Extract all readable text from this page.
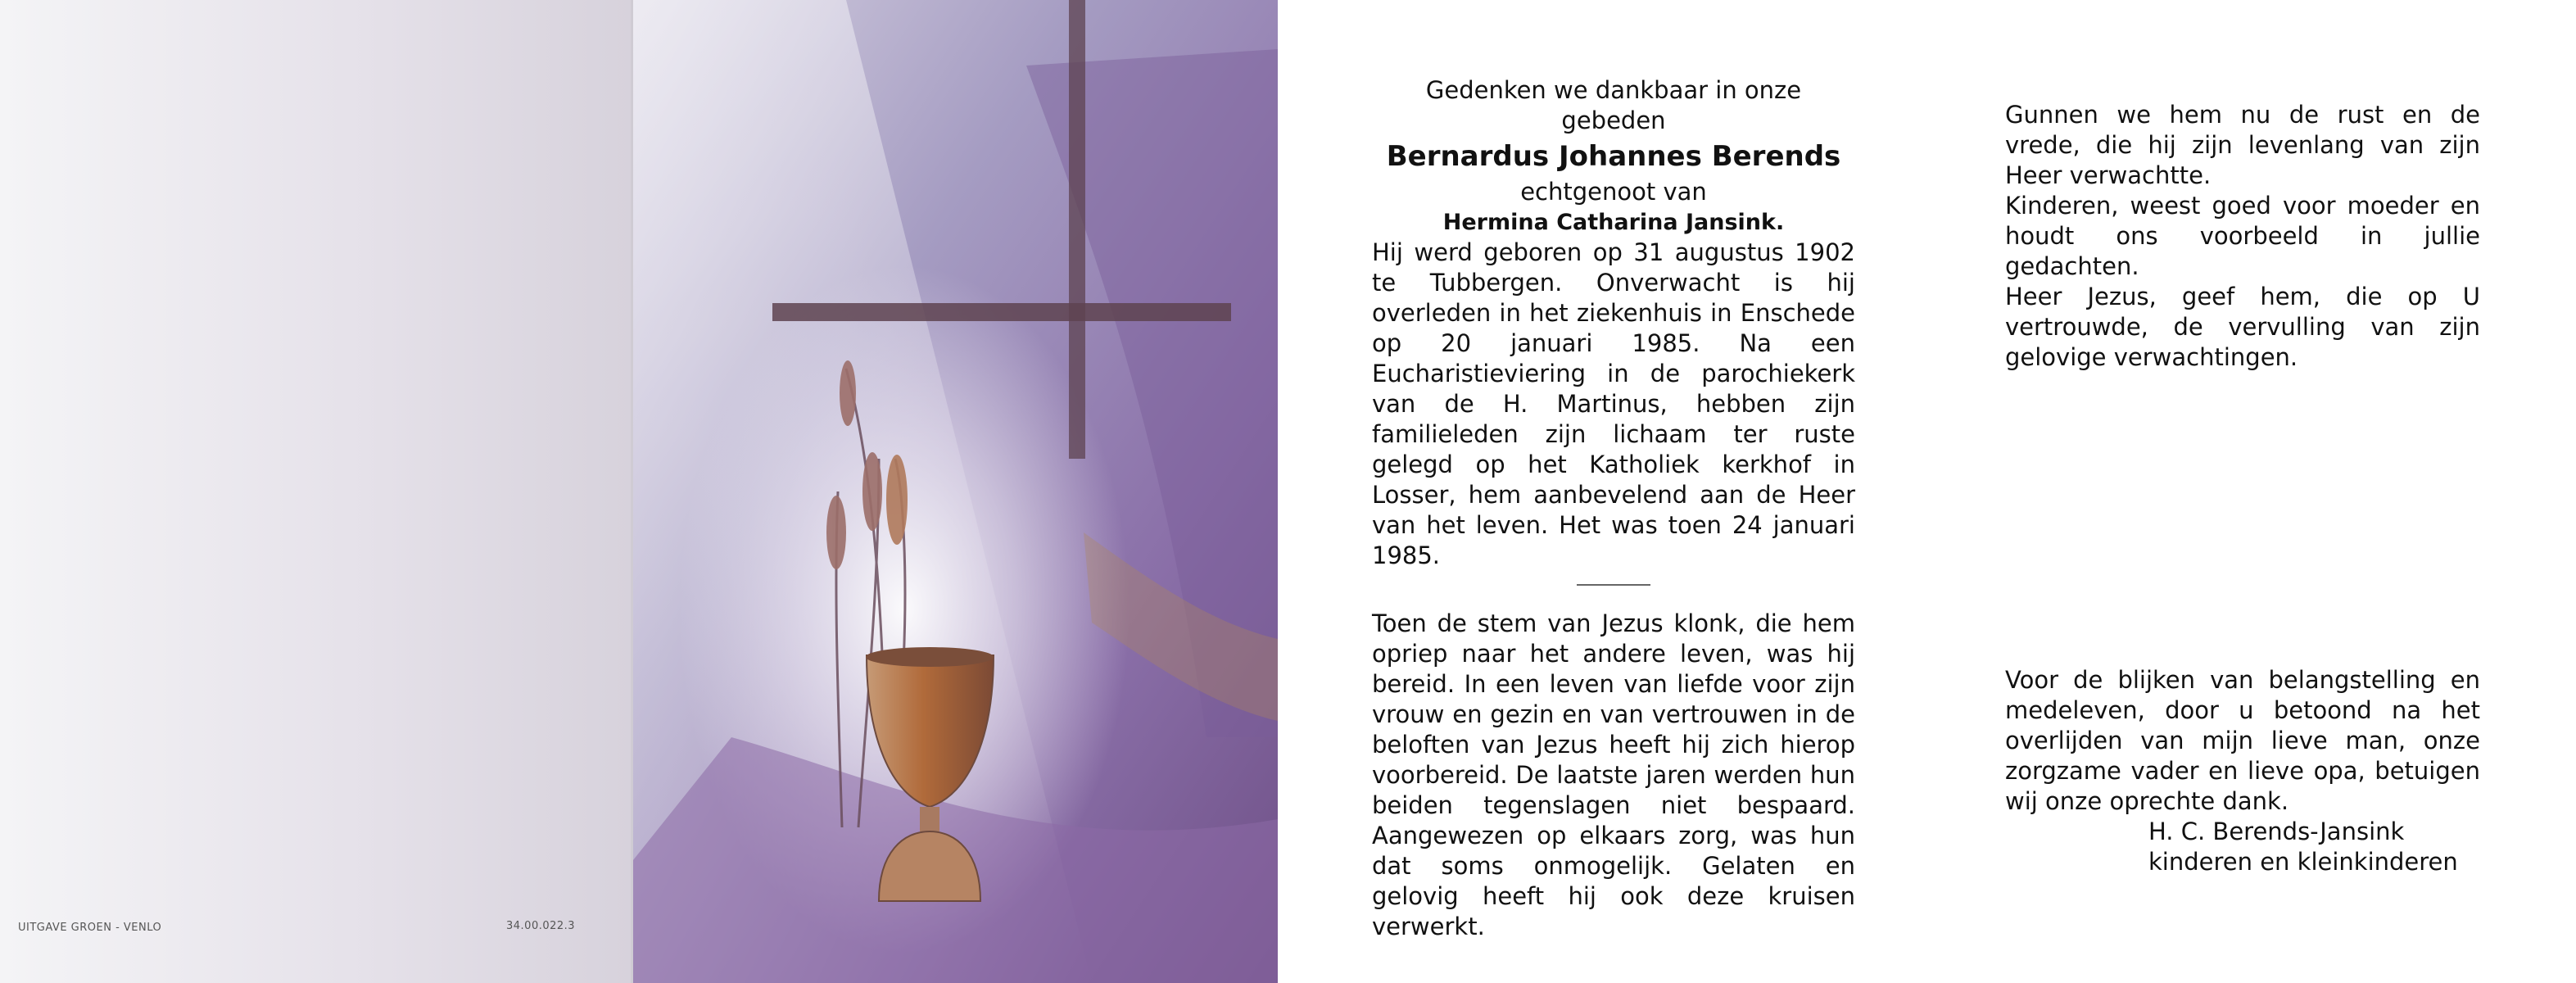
UITGAVE GROEN - VENLO	34.00.022.3

Gedenken we dankbaar in onze gebeden

Bernardus Johannes Berends

echtgenoot van

Hermina Catharina Jansink.

Hij werd geboren op 31 augustus 1902 te Tubbergen. Onverwacht is hij overleden in het ziekenhuis in Enschede op 20 januari 1985. Na een Eucharistieviering in de parochiekerk van de H. Martinus, hebben zijn familieleden zijn lichaam ter ruste gelegd op het Katholiek kerkhof in Losser, hem aanbevelend aan de Heer van het leven. Het was toen 24 januari 1985.

Toen de stem van Jezus klonk, die hem opriep naar het andere leven, was hij bereid. In een leven van liefde voor zijn vrouw en gezin en van vertrouwen in de beloften van Jezus heeft hij zich hierop voorbereid. De laatste jaren werden hun beiden tegenslagen niet bespaard. Aangewezen op elkaars zorg, was hun dat soms onmogelijk. Gelaten en gelovig heeft hij ook deze kruisen verwerkt.

Gunnen we hem nu de rust en de vrede, die hij zijn levenlang van zijn Heer verwachtte.

Kinderen, weest goed voor moeder en houdt ons voorbeeld in jullie gedachten.

Heer Jezus, geef hem, die op U vertrouwde, de vervulling van zijn gelovige verwachtingen.

Voor de blijken van belangstelling en medeleven, door u betoond na het overlijden van mijn lieve man, onze zorgzame vader en lieve opa, betuigen wij onze oprechte dank.

H. C. Berends-Jansink

kinderen en kleinkinderen
